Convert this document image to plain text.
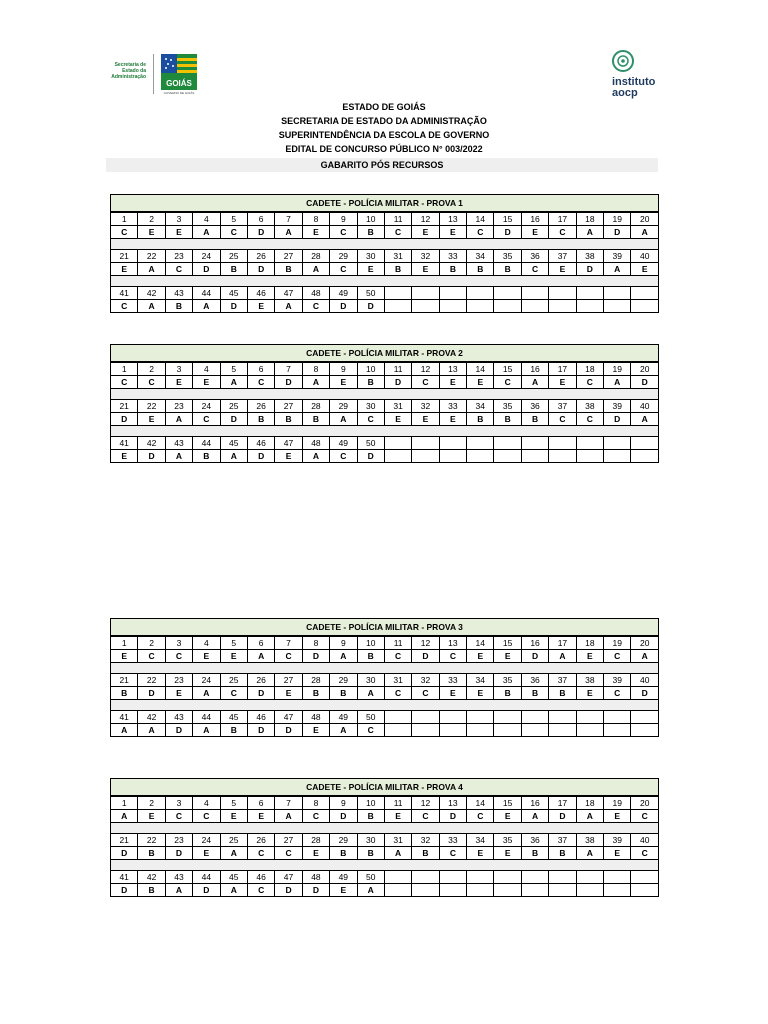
Secretaria de
Estado da
Administração
GOIÁS
GOVERNO DE GOIÁS
instituto
aocp
ESTADO DE GOIÁS
SECRETARIA DE ESTADO DA ADMINISTRAÇÃO
SUPERINTENDÊNCIA DA ESCOLA DE GOVERNO
EDITAL DE CONCURSO PÚBLICO N° 003/2022
GABARITO PÓS RECURSOS
CADETE - POLÍCIA MILITAR - PROVA 1
1	2	3	4	5	6	7	8	9	10	11	12	13	14	15	16	17	18	19	20
C	E	E	A	C	D	A	E	C	B	C	E	E	C	D	E	C	A	D	A
21	22	23	24	25	26	27	28	29	30	31	32	33	34	35	36	37	38	39	40
E	A	C	D	B	D	B	A	C	E	B	E	B	B	B	C	E	D	A	E
41	42	43	44	45	46	47	48	49	50										
C	A	B	A	D	E	A	C	D	D										
CADETE - POLÍCIA MILITAR - PROVA 2
1	2	3	4	5	6	7	8	9	10	11	12	13	14	15	16	17	18	19	20
C	C	E	E	A	C	D	A	E	B	D	C	E	E	C	A	E	C	A	D
21	22	23	24	25	26	27	28	29	30	31	32	33	34	35	36	37	38	39	40
D	E	A	C	D	B	B	B	A	C	E	E	E	B	B	B	C	C	D	A
41	42	43	44	45	46	47	48	49	50										
E	D	A	B	A	D	E	A	C	D										
CADETE - POLÍCIA MILITAR - PROVA 3
1	2	3	4	5	6	7	8	9	10	11	12	13	14	15	16	17	18	19	20
E	C	C	E	E	A	C	D	A	B	C	D	C	E	E	D	A	E	C	A
21	22	23	24	25	26	27	28	29	30	31	32	33	34	35	36	37	38	39	40
B	D	E	A	C	D	E	B	B	A	C	C	E	E	B	B	B	E	C	D
41	42	43	44	45	46	47	48	49	50										
A	A	D	A	B	D	D	E	A	C										
CADETE - POLÍCIA MILITAR - PROVA 4
1	2	3	4	5	6	7	8	9	10	11	12	13	14	15	16	17	18	19	20
A	E	C	C	E	E	A	C	D	B	E	C	D	C	E	A	D	A	E	C
21	22	23	24	25	26	27	28	29	30	31	32	33	34	35	36	37	38	39	40
D	B	D	E	A	C	C	E	B	B	A	B	C	E	E	B	B	A	E	C
41	42	43	44	45	46	47	48	49	50										
D	B	A	D	A	C	D	D	E	A										
